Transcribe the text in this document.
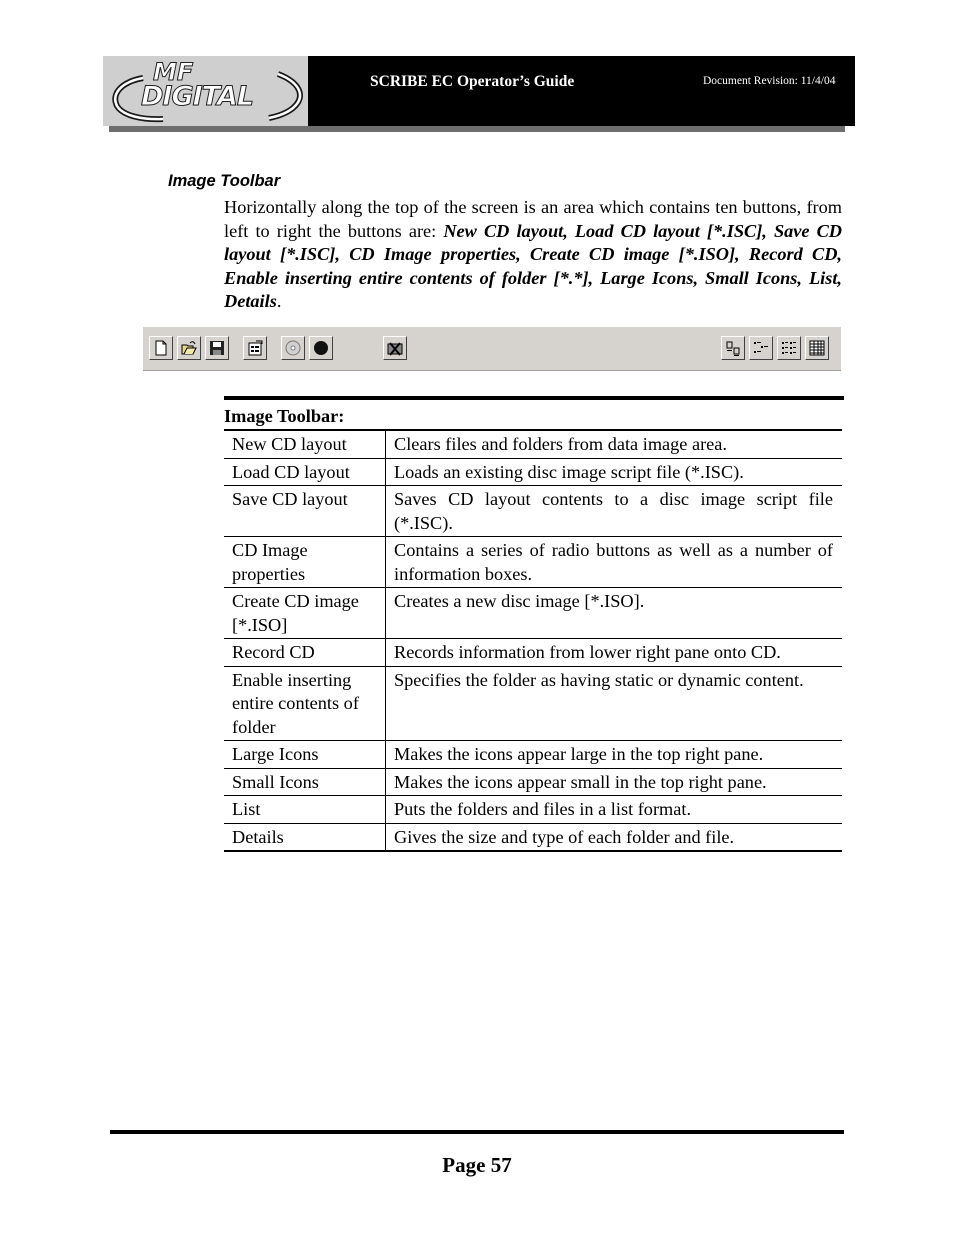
MF
DIGITAL	SCRIBE EC Operator’s Guide	Document Revision: 11/4/04
Image Toolbar
Horizontally along the top of the screen is an area which contains ten buttons, from left to right the buttons are: New CD layout, Load CD layout [*.ISC], Save CD layout [*.ISC], CD Image properties, Create CD image [*.ISO], Record CD, Enable inserting entire contents of folder [*.*], Large Icons, Small Icons, List, Details.
Image Toolbar:
New CD layout	Clears files and folders from data image area.
Load CD layout	Loads an existing disc image script file (*.ISC).
Save CD layout	Saves CD layout contents to a disc image script file (*.ISC).
CD Image properties	Contains a series of radio buttons as well as a number of information boxes.
Create CD image [*.ISO]	Creates a new disc image [*.ISO].
Record CD	Records information from lower right pane onto CD.
Enable inserting entire contents of folder	Specifies the folder as having static or dynamic content.
Large Icons	Makes the icons appear large in the top right pane.
Small Icons	Makes the icons appear small in the top right pane.
List	Puts the folders and files in a list format.
Details	Gives the size and type of each folder and file.
Page 57
